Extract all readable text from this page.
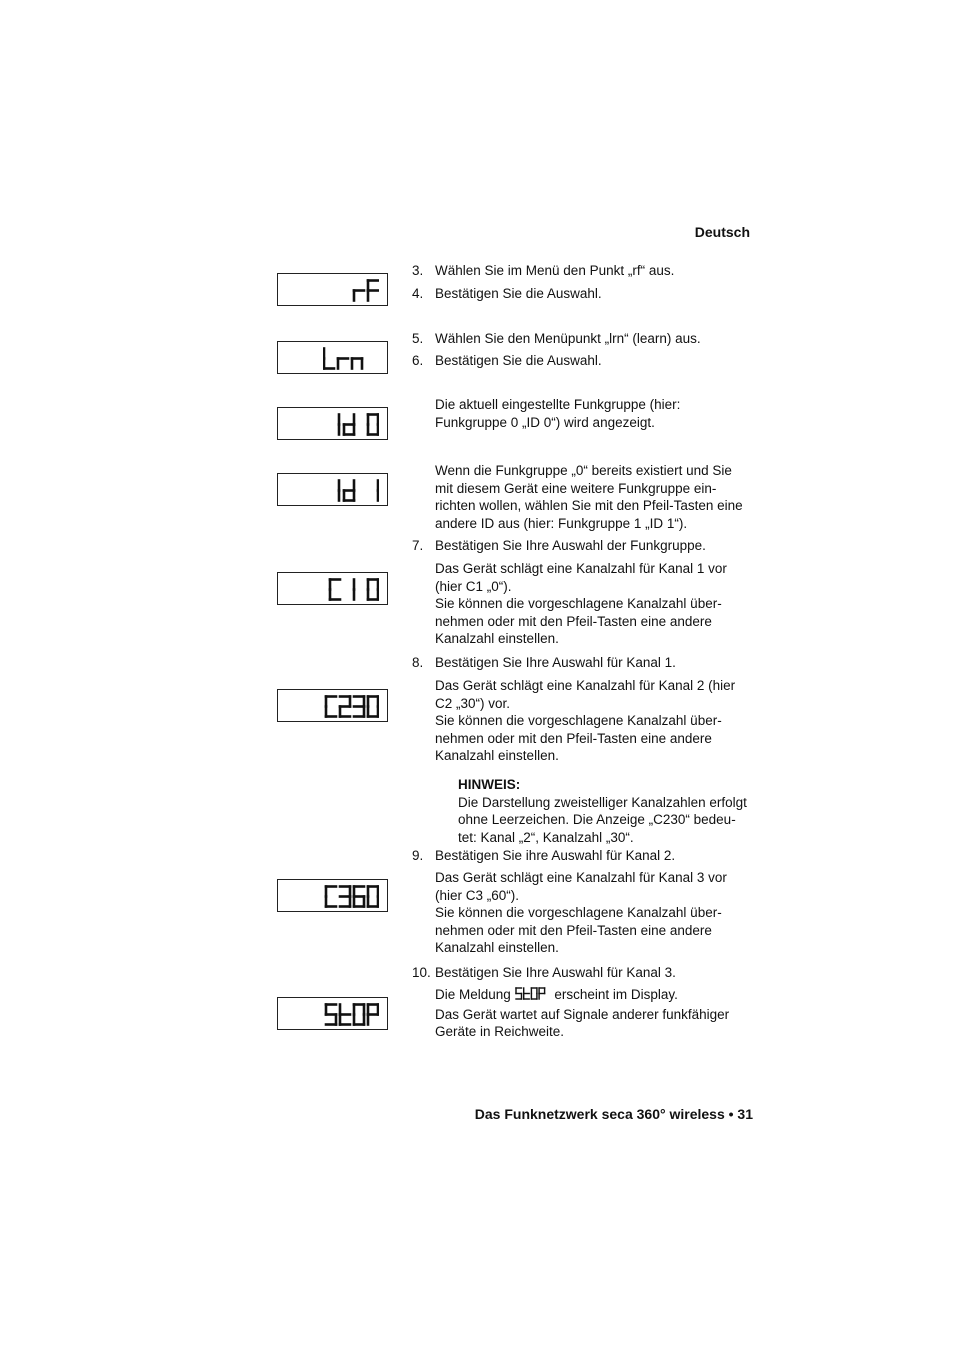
Deutsch
3. Wählen Sie im Menü den Punkt „rf“ aus.
4. Bestätigen Sie die Auswahl.
5. Wählen Sie den Menüpunkt „lrn“ (learn) aus.
6. Bestätigen Sie die Auswahl.
Die aktuell eingestellte Funkgruppe (hier:
Funkgruppe 0 „ID 0“) wird angezeigt.
Wenn die Funkgruppe „0“ bereits existiert und Sie
mit diesem Gerät eine weitere Funkgruppe ein-
richten wollen, wählen Sie mit den Pfeil-Tasten eine
andere ID aus (hier: Funkgruppe 1 „ID 1“).
7. Bestätigen Sie Ihre Auswahl der Funkgruppe.
Das Gerät schlägt eine Kanalzahl für Kanal 1 vor
(hier C1 „0“).
Sie können die vorgeschlagene Kanalzahl über-
nehmen oder mit den Pfeil-Tasten eine andere
Kanalzahl einstellen.
8. Bestätigen Sie Ihre Auswahl für Kanal 1.
Das Gerät schlägt eine Kanalzahl für Kanal 2 (hier
C2 „30“) vor.
Sie können die vorgeschlagene Kanalzahl über-
nehmen oder mit den Pfeil-Tasten eine andere
Kanalzahl einstellen.
HINWEIS:
Die Darstellung zweistelliger Kanalzahlen erfolgt
ohne Leerzeichen. Die Anzeige „C230“ bedeu-
tet: Kanal „2“, Kanalzahl „30“.
9. Bestätigen Sie ihre Auswahl für Kanal 2.
Das Gerät schlägt eine Kanalzahl für Kanal 3 vor
(hier C3 „60“).
Sie können die vorgeschlagene Kanalzahl über-
nehmen oder mit den Pfeil-Tasten eine andere
Kanalzahl einstellen.
10. Bestätigen Sie Ihre Auswahl für Kanal 3.
Die Meldung	erscheint im Display.
Das Gerät wartet auf Signale anderer funkfähiger
Geräte in Reichweite.
Das Funknetzwerk seca 360° wireless • 31
